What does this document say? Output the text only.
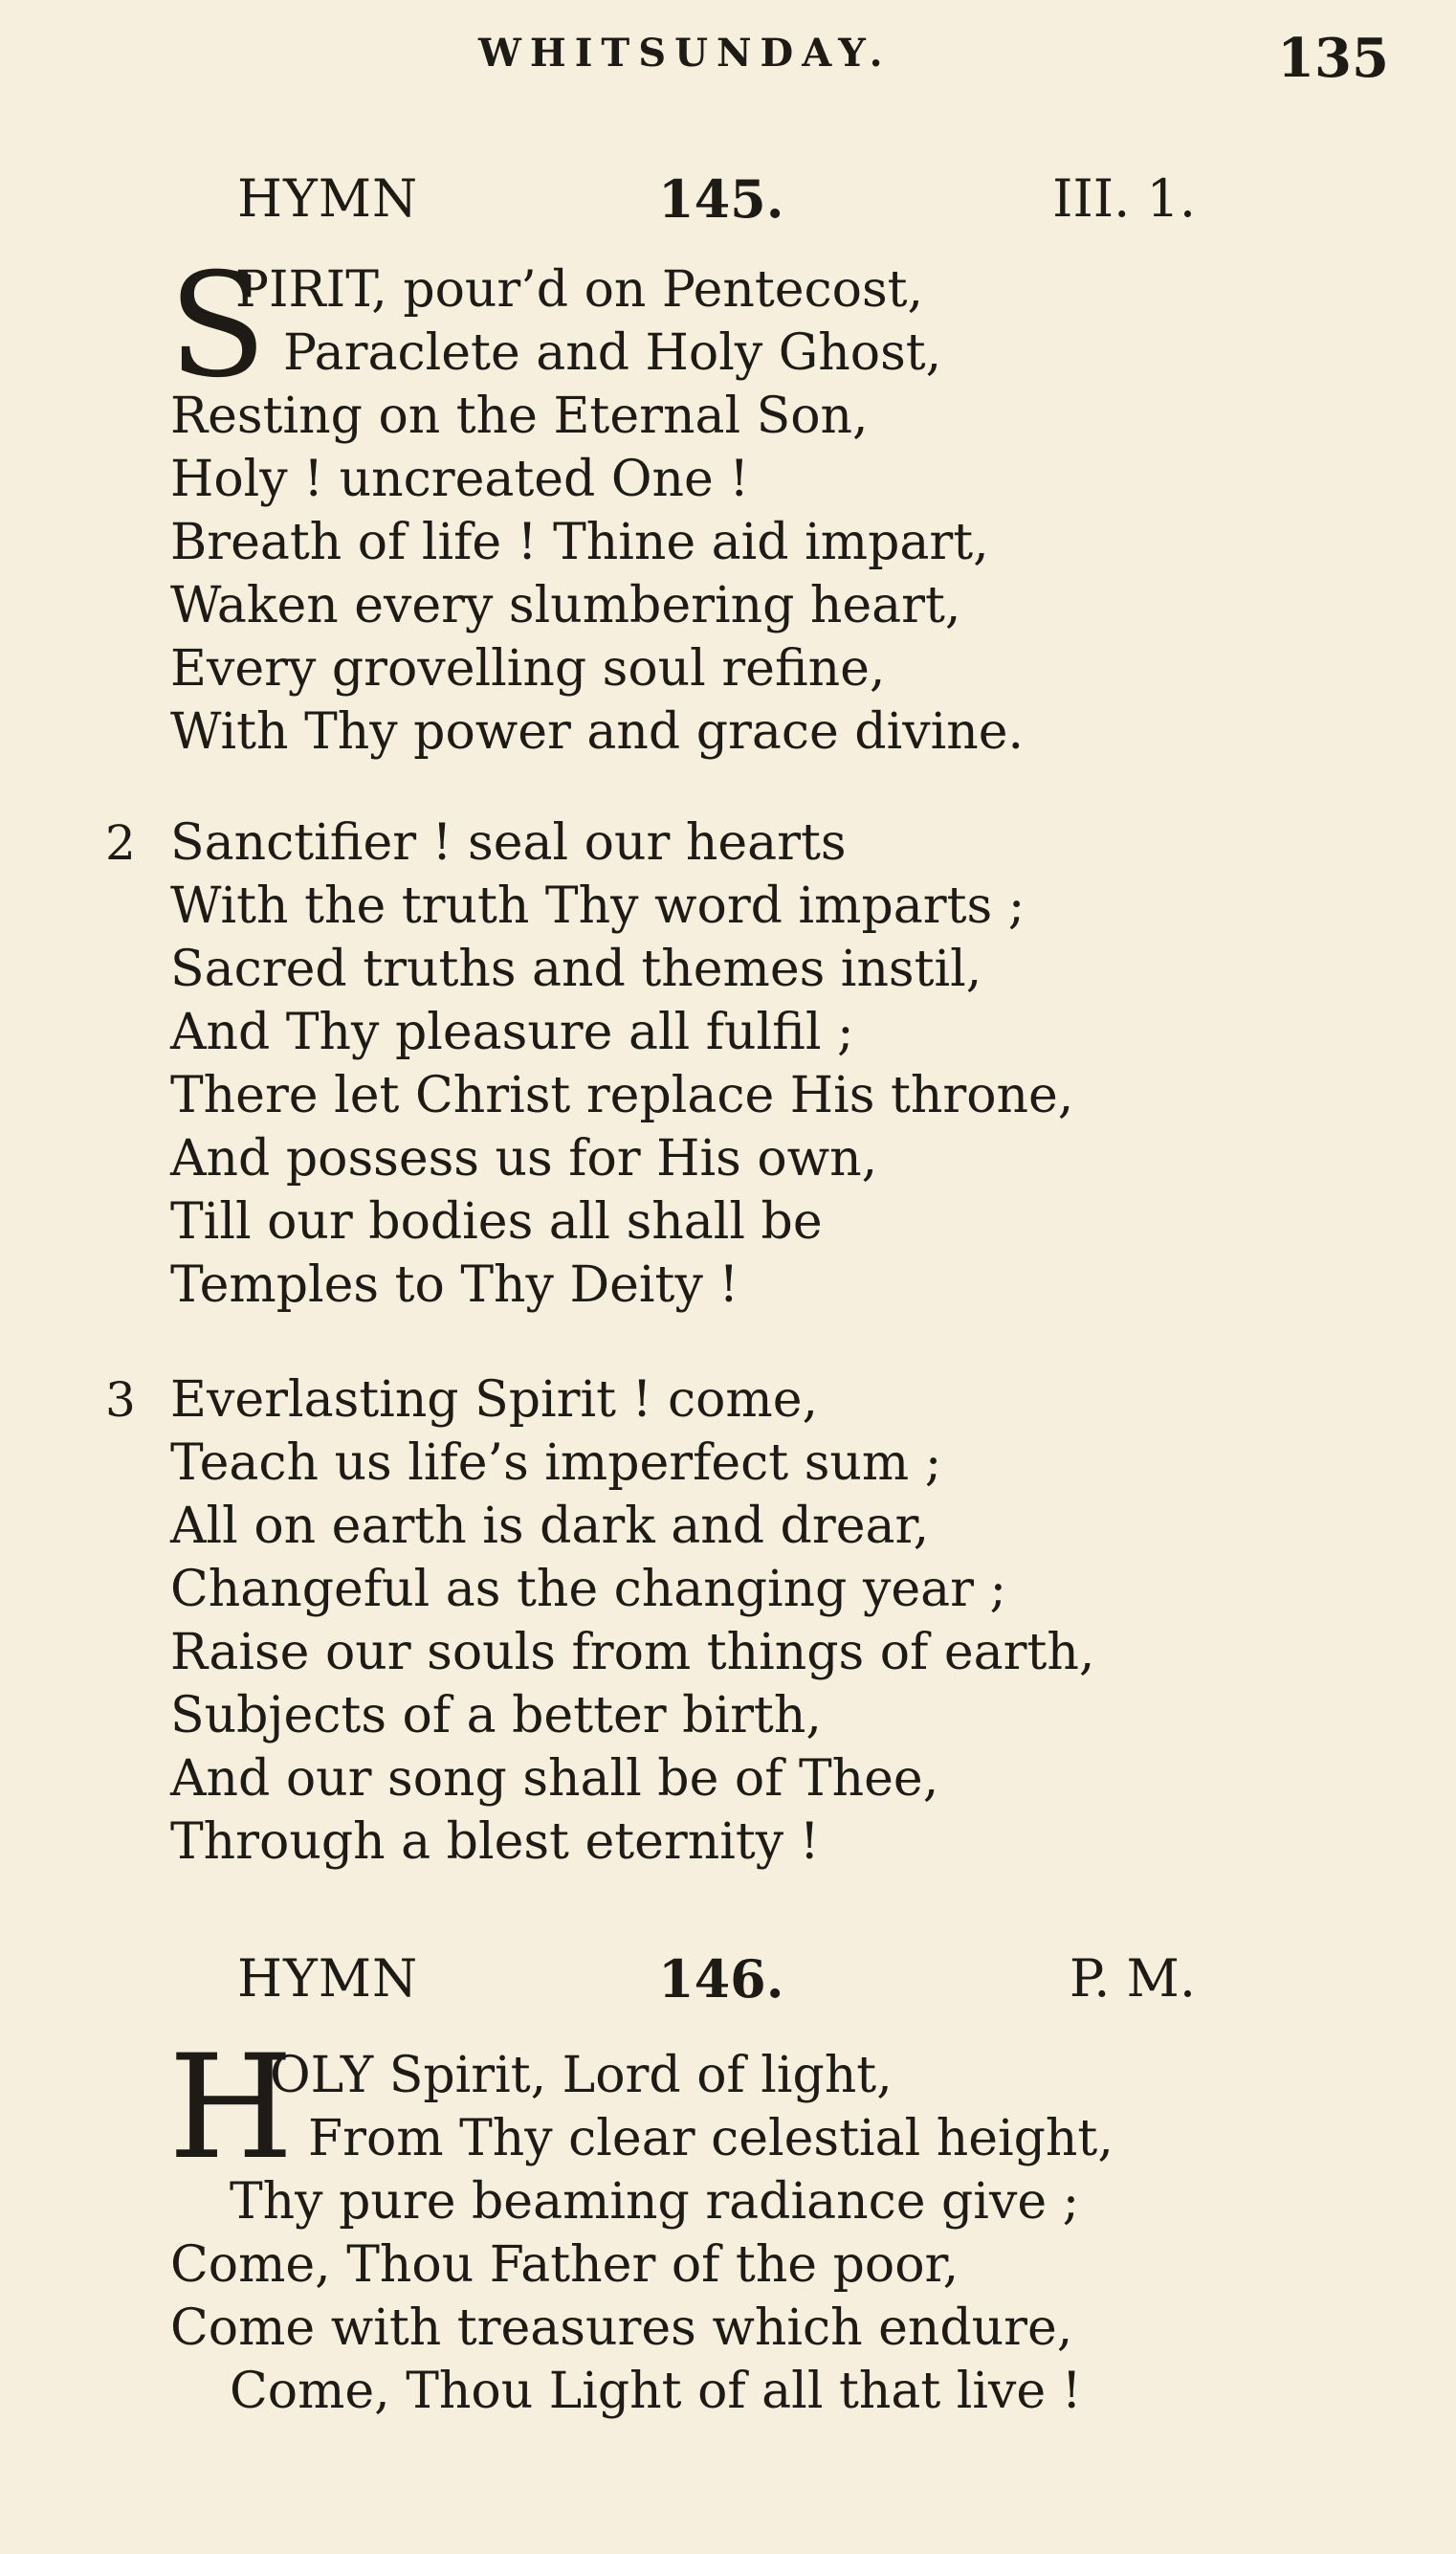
WHITSUNDAY.	135
HYMN	145.	III. 1.
S
PIRIT, pour’d on Pentecost,
Paraclete and Holy Ghost,
Resting on the Eternal Son,
Holy ! uncreated One !
Breath of life ! Thine aid impart,
Waken every slumbering heart,
Every grovelling soul refine,
With Thy power and grace divine.
2 Sanctifier ! seal our hearts
With the truth Thy word imparts ;
Sacred truths and themes instil,
And Thy pleasure all fulfil ;
There let Christ replace His throne,
And possess us for His own,
Till our bodies all shall be
Temples to Thy Deity !
3 Everlasting Spirit ! come,
Teach us life’s imperfect sum ;
All on earth is dark and drear,
Changeful as the changing year ;
Raise our souls from things of earth,
Subjects of a better birth,
And our song shall be of Thee,
Through a blest eternity !
HYMN	146.	P. M.
H
OLY Spirit, Lord of light,
From Thy clear celestial height,
Thy pure beaming radiance give ;
Come, Thou Father of the poor,
Come with treasures which endure,
Come, Thou Light of all that live !
